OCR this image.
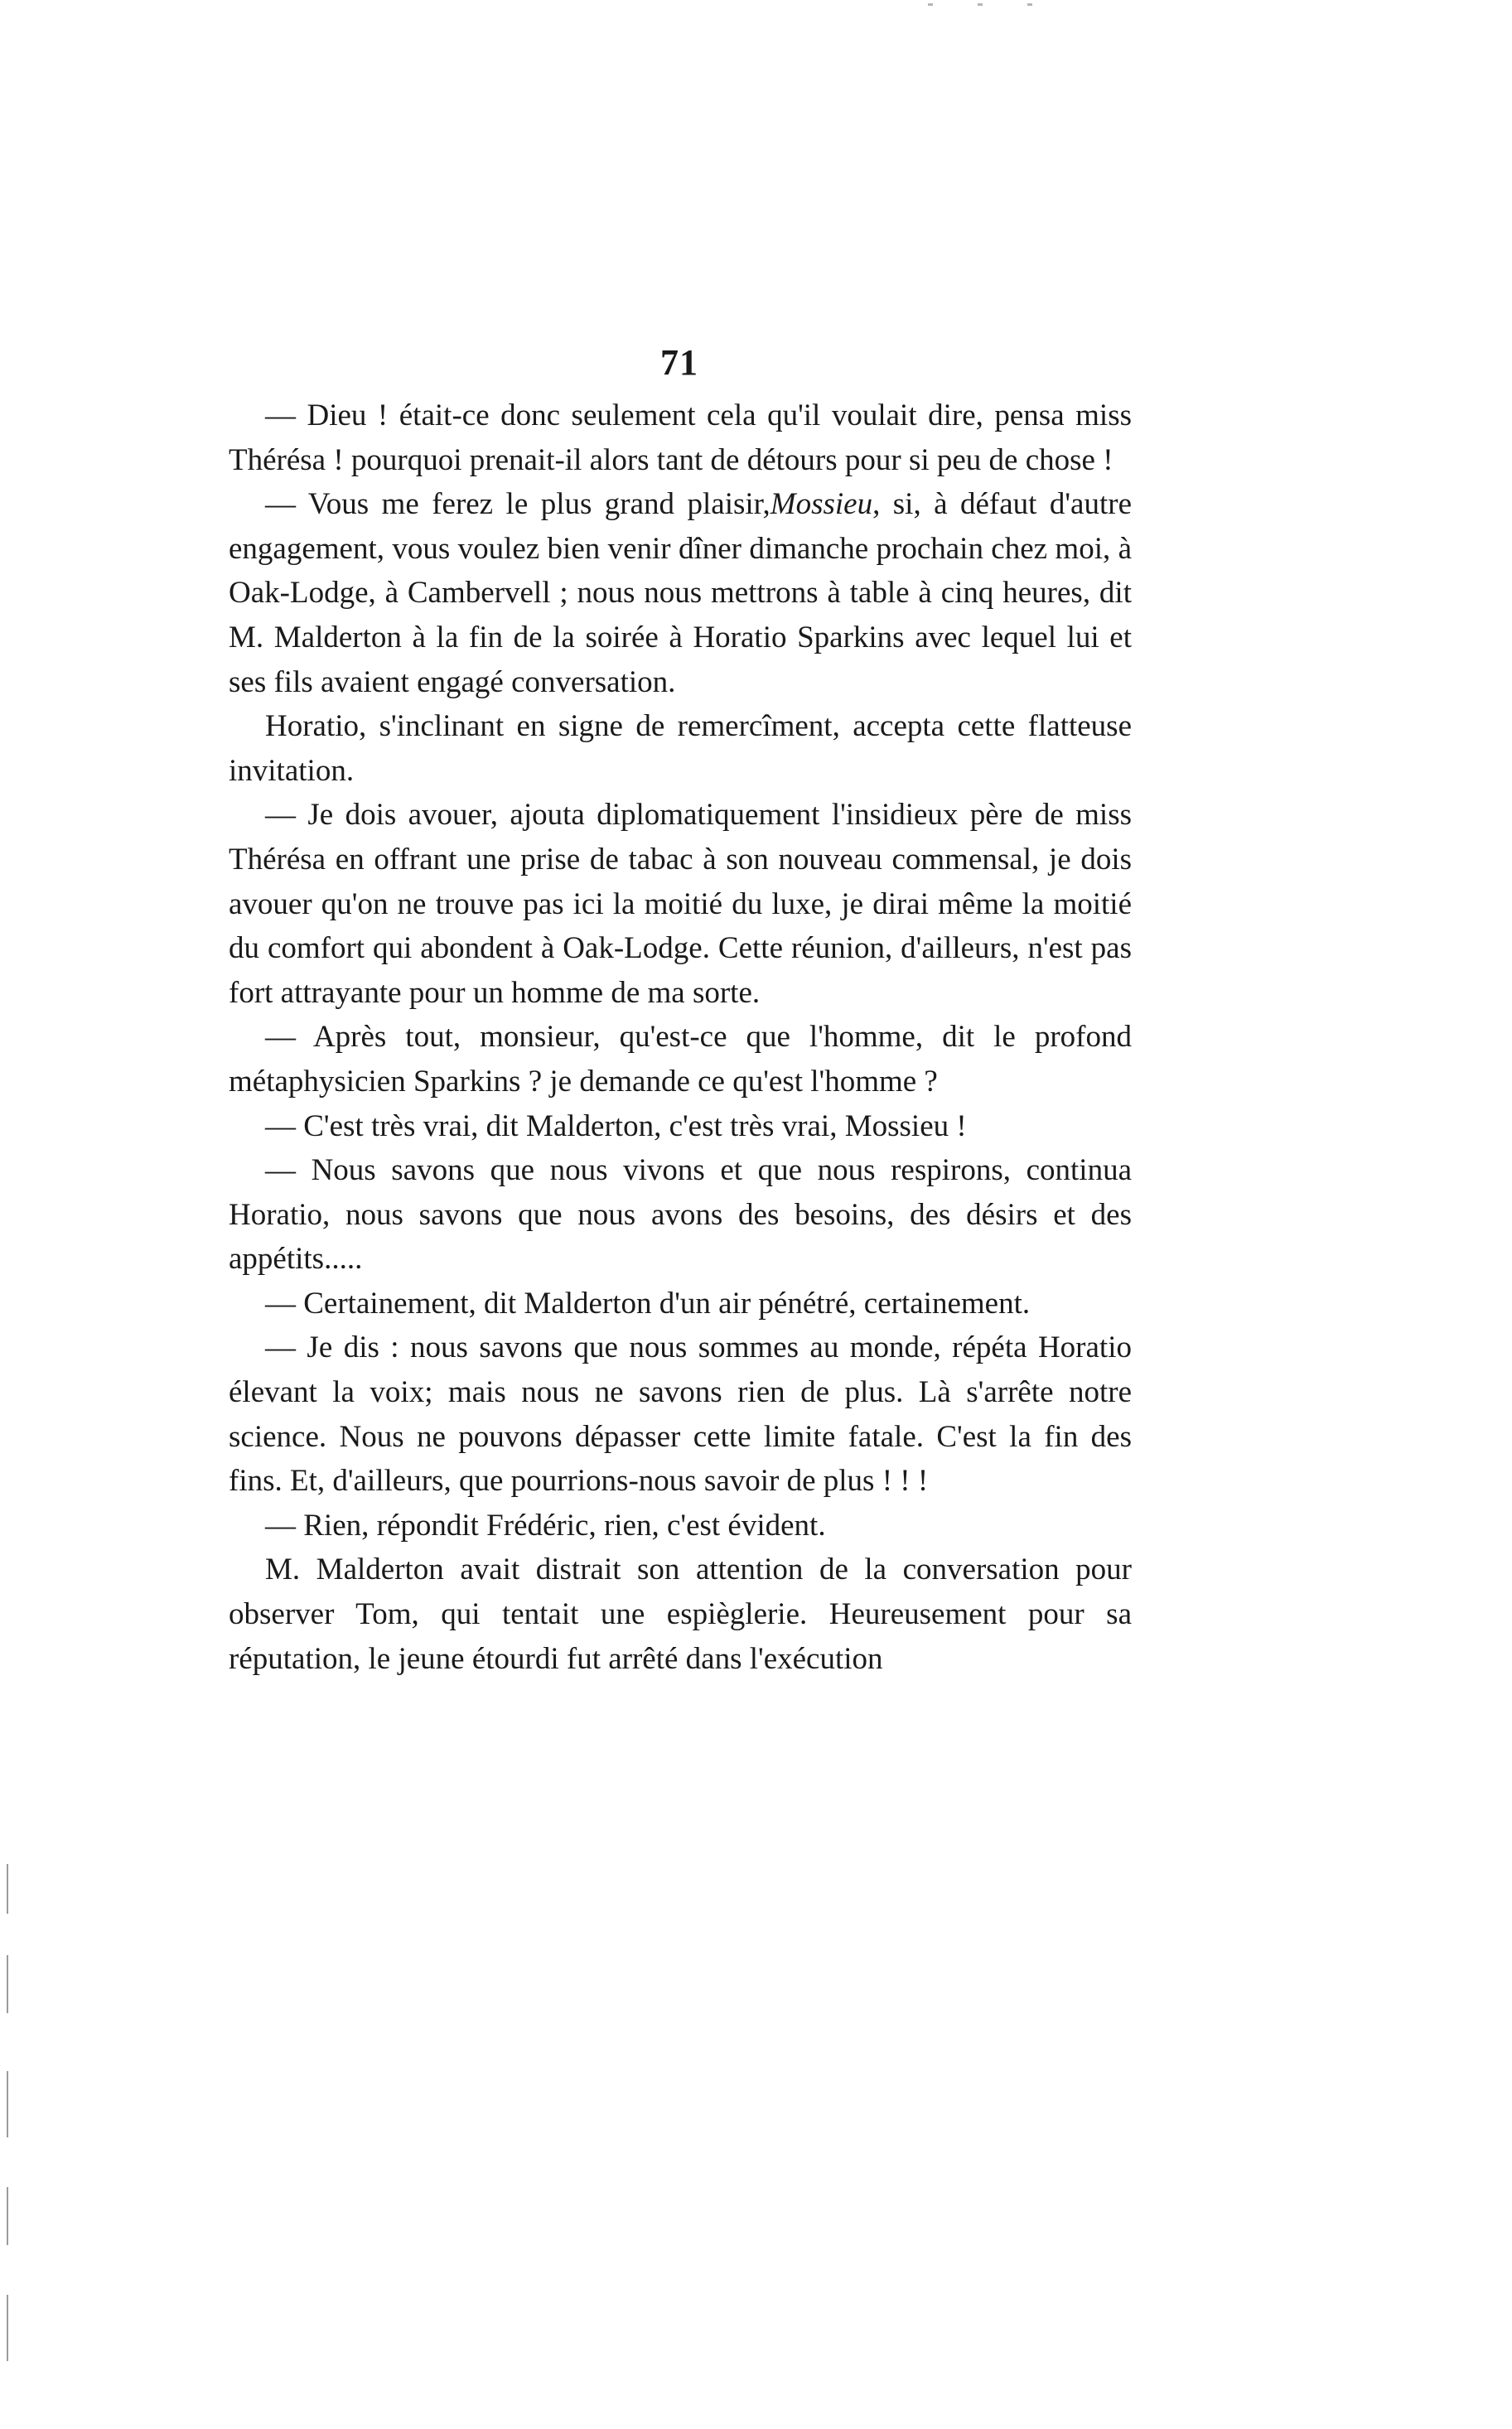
71

— Dieu ! était-ce donc seulement cela qu'il voulait dire, pensa miss Thérésa ! pourquoi prenait-il alors tant de détours pour si peu de chose !

— Vous me ferez le plus grand plaisir,Mossieu, si, à défaut d'autre engagement, vous voulez bien venir dîner dimanche prochain chez moi, à Oak-Lodge, à Cambervell ; nous nous mettrons à table à cinq heures, dit M. Malderton à la fin de la soirée à Horatio Sparkins avec lequel lui et ses fils avaient engagé conversation.

Horatio, s'inclinant en signe de remercîment, accepta cette flatteuse invitation.

— Je dois avouer, ajouta diplomatiquement l'insidieux père de miss Thérésa en offrant une prise de tabac à son nouveau commensal, je dois avouer qu'on ne trouve pas ici la moitié du luxe, je dirai même la moitié du comfort qui abondent à Oak-Lodge. Cette réunion, d'ailleurs, n'est pas fort attrayante pour un homme de ma sorte.

— Après tout, monsieur, qu'est-ce que l'homme, dit le profond métaphysicien Sparkins ? je demande ce qu'est l'homme ?

— C'est très vrai, dit Malderton, c'est très vrai, Mossieu !

— Nous savons que nous vivons et que nous respirons, continua Horatio, nous savons que nous avons des besoins, des désirs et des appétits.....

— Certainement, dit Malderton d'un air pénétré, certainement.

— Je dis : nous savons que nous sommes au monde, répéta Horatio élevant la voix; mais nous ne savons rien de plus. Là s'arrête notre science. Nous ne pouvons dépasser cette limite fatale. C'est la fin des fins. Et, d'ailleurs, que pourrions-nous savoir de plus ! ! !

— Rien, répondit Frédéric, rien, c'est évident.

M. Malderton avait distrait son attention de la conversation pour observer Tom, qui tentait une espièglerie. Heureusement pour sa réputation, le jeune étourdi fut arrêté dans l'exécution
